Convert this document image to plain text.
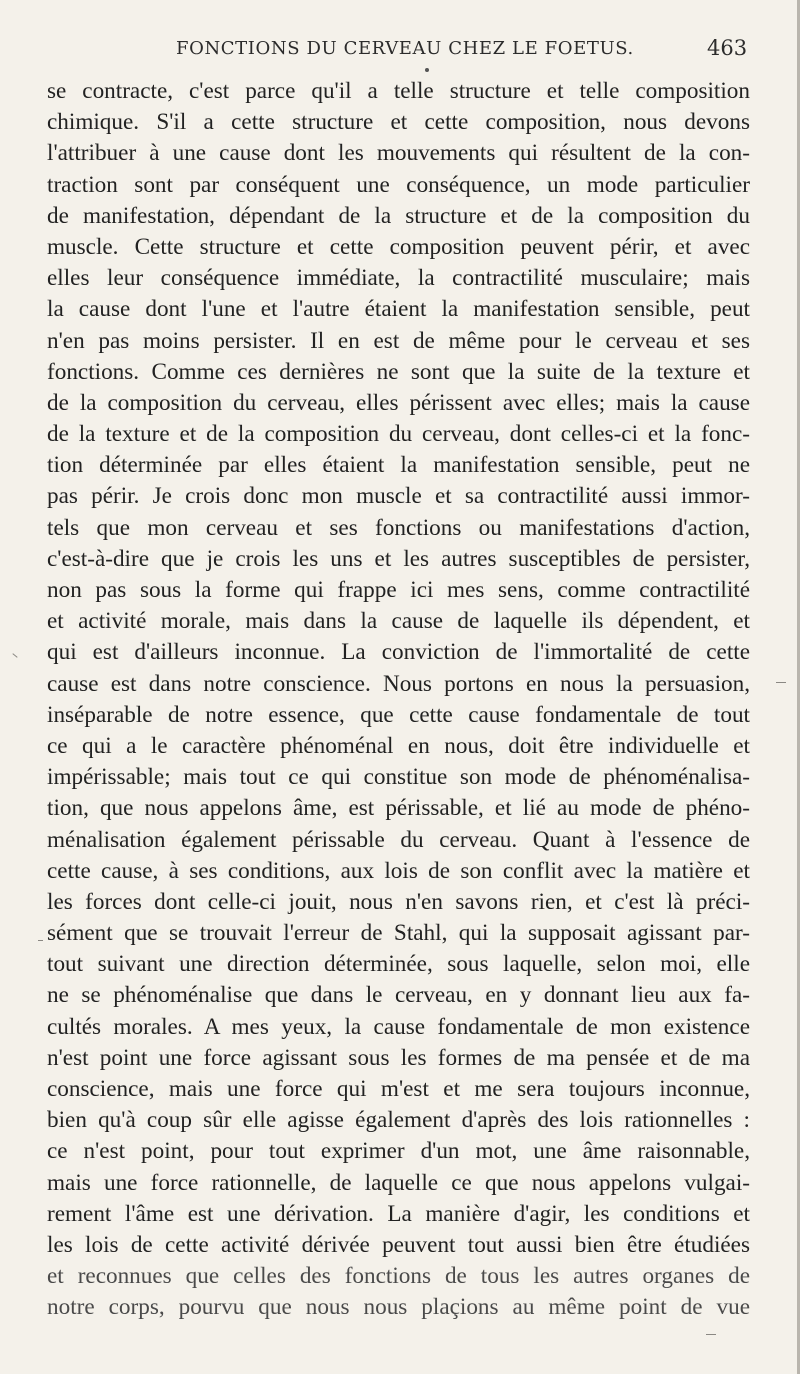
FONCTIONS DU CERVEAU CHEZ LE FOETUS.	463
se contracte, c'est parce qu'il a telle structure et telle composition
chimique. S'il a cette structure et cette composition, nous devons
l'attribuer à une cause dont les mouvements qui résultent de la con-
traction sont par conséquent une conséquence, un mode particulier
de manifestation, dépendant de la structure et de la composition du
muscle. Cette structure et cette composition peuvent périr, et avec
elles leur conséquence immédiate, la contractilité musculaire; mais
la cause dont l'une et l'autre étaient la manifestation sensible, peut
n'en pas moins persister. Il en est de même pour le cerveau et ses
fonctions. Comme ces dernières ne sont que la suite de la texture et
de la composition du cerveau, elles périssent avec elles; mais la cause
de la texture et de la composition du cerveau, dont celles-ci et la fonc-
tion déterminée par elles étaient la manifestation sensible, peut ne
pas périr. Je crois donc mon muscle et sa contractilité aussi immor-
tels que mon cerveau et ses fonctions ou manifestations d'action,
c'est-à-dire que je crois les uns et les autres susceptibles de persister,
non pas sous la forme qui frappe ici mes sens, comme contractilité
et activité morale, mais dans la cause de laquelle ils dépendent, et
qui est d'ailleurs inconnue. La conviction de l'immortalité de cette
cause est dans notre conscience. Nous portons en nous la persuasion,
inséparable de notre essence, que cette cause fondamentale de tout
ce qui a le caractère phénoménal en nous, doit être individuelle et
impérissable; mais tout ce qui constitue son mode de phénoménalisa-
tion, que nous appelons âme, est périssable, et lié au mode de phéno-
ménalisation également périssable du cerveau. Quant à l'essence de
cette cause, à ses conditions, aux lois de son conflit avec la matière et
les forces dont celle-ci jouit, nous n'en savons rien, et c'est là préci-
sément que se trouvait l'erreur de Stahl, qui la supposait agissant par-
tout suivant une direction déterminée, sous laquelle, selon moi, elle
ne se phénoménalise que dans le cerveau, en y donnant lieu aux fa-
cultés morales. A mes yeux, la cause fondamentale de mon existence
n'est point une force agissant sous les formes de ma pensée et de ma
conscience, mais une force qui m'est et me sera toujours inconnue,
bien qu'à coup sûr elle agisse également d'après des lois rationnelles :
ce n'est point, pour tout exprimer d'un mot, une âme raisonnable,
mais une force rationnelle, de laquelle ce que nous appelons vulgai-
rement l'âme est une dérivation. La manière d'agir, les conditions et
les lois de cette activité dérivée peuvent tout aussi bien être étudiées
et reconnues que celles des fonctions de tous les autres organes de
notre corps, pourvu que nous nous plaçions au même point de vue
